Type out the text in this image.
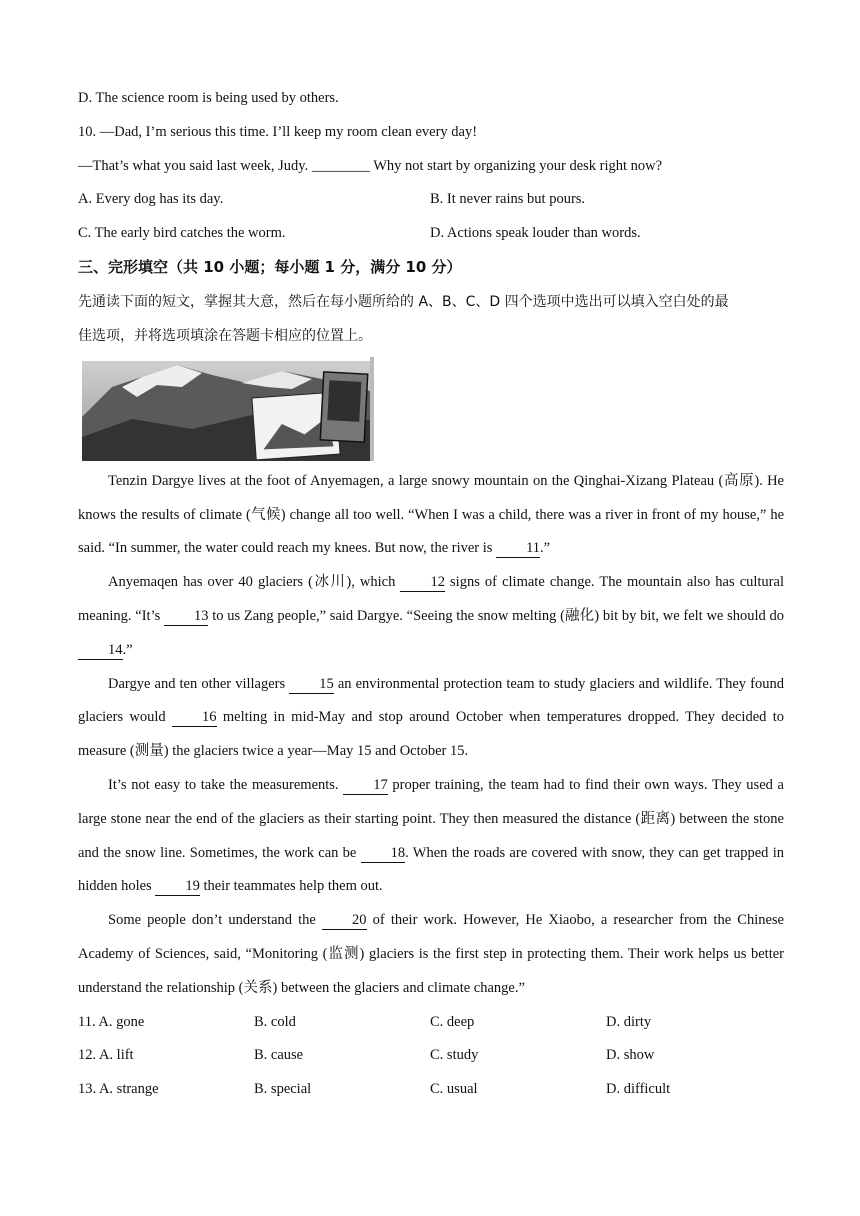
D. The science room is being used by others.
10. —Dad, I’m serious this time. I’ll keep my room clean every day!
—That’s what you said last week, Judy. ________ Why not start by organizing your desk right now?
A. Every dog has its day.	B. It never rains but pours.
C. The early bird catches the worm.	D. Actions speak louder than words.
三、完形填空（共 10 小题；每小题 1 分，满分 10 分）
先通读下面的短文，掌握其大意，然后在每小题所给的 A、B、C、D 四个选项中选出可以填入空白处的最
佳选项，并将选项填涂在答题卡相应的位置上。
Tenzin Dargye lives at the foot of Anyemagen, a large snowy mountain on the Qinghai-Xizang Plateau (高原). He knows the results of climate (气候) change all too well. “When I was a child, there was a river in front of my house,” he said. “In summer, the water could reach my knees. But now, the river is 11.”
Anyemaqen has over 40 glaciers (冰川), which 12 signs of climate change. The mountain also has cultural meaning. “It’s 13 to us Zang people,” said Dargye. “Seeing the snow melting (融化) bit by bit, we felt we should do 14.”
Dargye and ten other villagers 15 an environmental protection team to study glaciers and wildlife. They found glaciers would 16 melting in mid-May and stop around October when temperatures dropped. They decided to measure (测量) the glaciers twice a year—May 15 and October 15.
It’s not easy to take the measurements. 17 proper training, the team had to find their own ways. They used a large stone near the end of the glaciers as their starting point. They then measured the distance (距离) between the stone and the snow line. Sometimes, the work can be 18. When the roads are covered with snow, they can get trapped in hidden holes 19 their teammates help them out.
Some people don’t understand the 20 of their work. However, He Xiaobo, a researcher from the Chinese Academy of Sciences, said, “Monitoring (监测) glaciers is the first step in protecting them. Their work helps us better understand the relationship (关系) between the glaciers and climate change.”
11. A. gone	B. cold	C. deep	D. dirty
12. A. lift	B. cause	C. study	D. show
13. A. strange	B. special	C. usual	D. difficult
